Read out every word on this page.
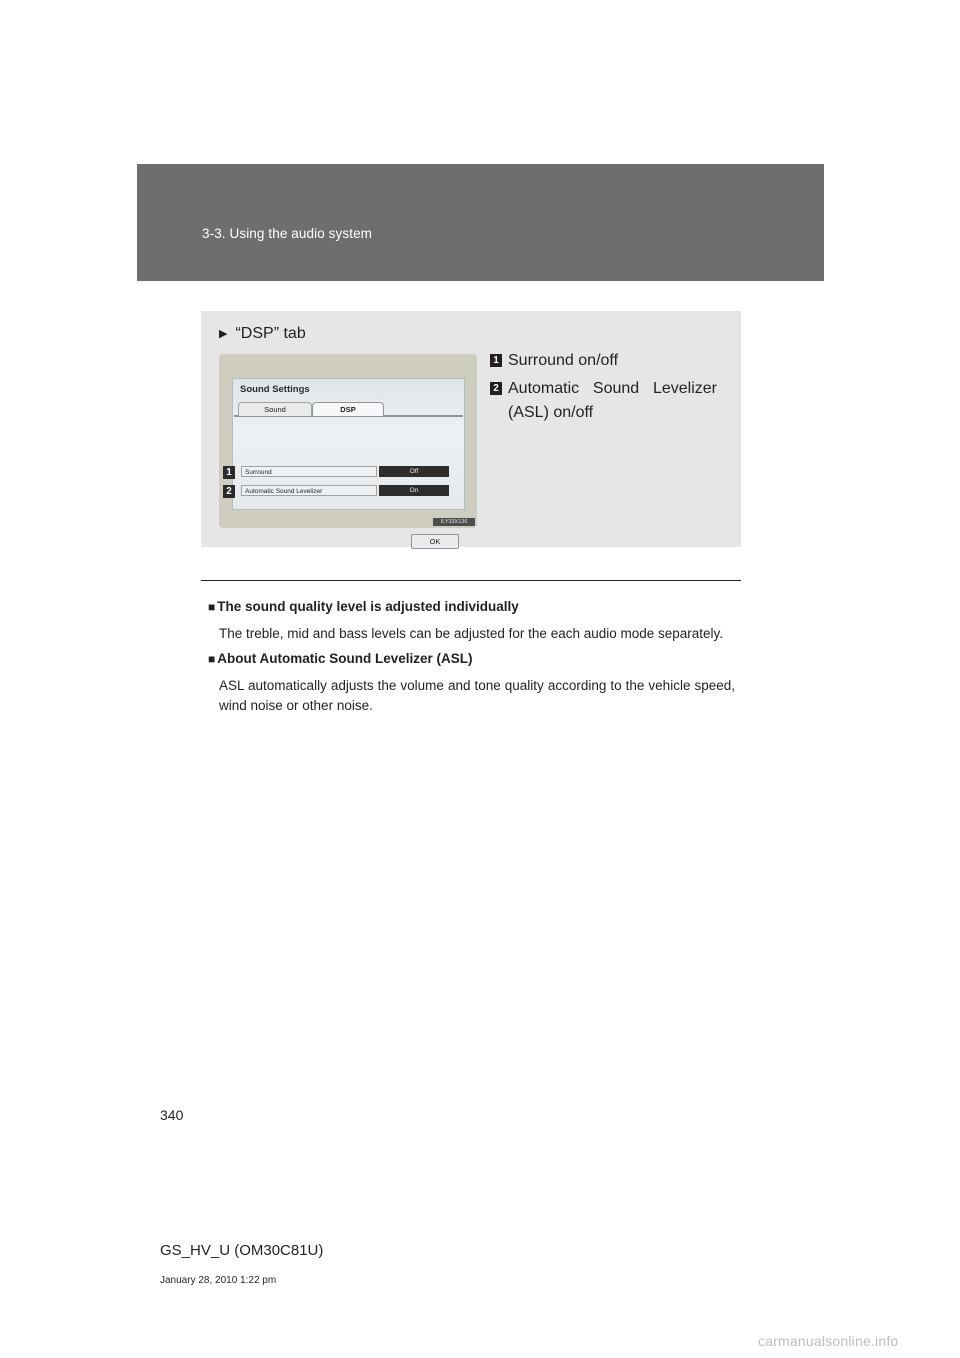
3-3. Using the audio system
▶ “DSP” tab
Sound Settings
Sound	DSP
Surround	Off
Automatic Sound Levelizer	On
OK
1
2
ILY33X136
1 Surround on/off
2 Automatic Sound Levelizer (ASL) on/off
■ The sound quality level is adjusted individually
The treble, mid and bass levels can be adjusted for the each audio mode separately.
■ About Automatic Sound Levelizer (ASL)
ASL automatically adjusts the volume and tone quality according to the vehicle speed, wind noise or other noise.
340
GS_HV_U (OM30C81U)
January 28, 2010 1:22 pm
carmanualsonline.info
